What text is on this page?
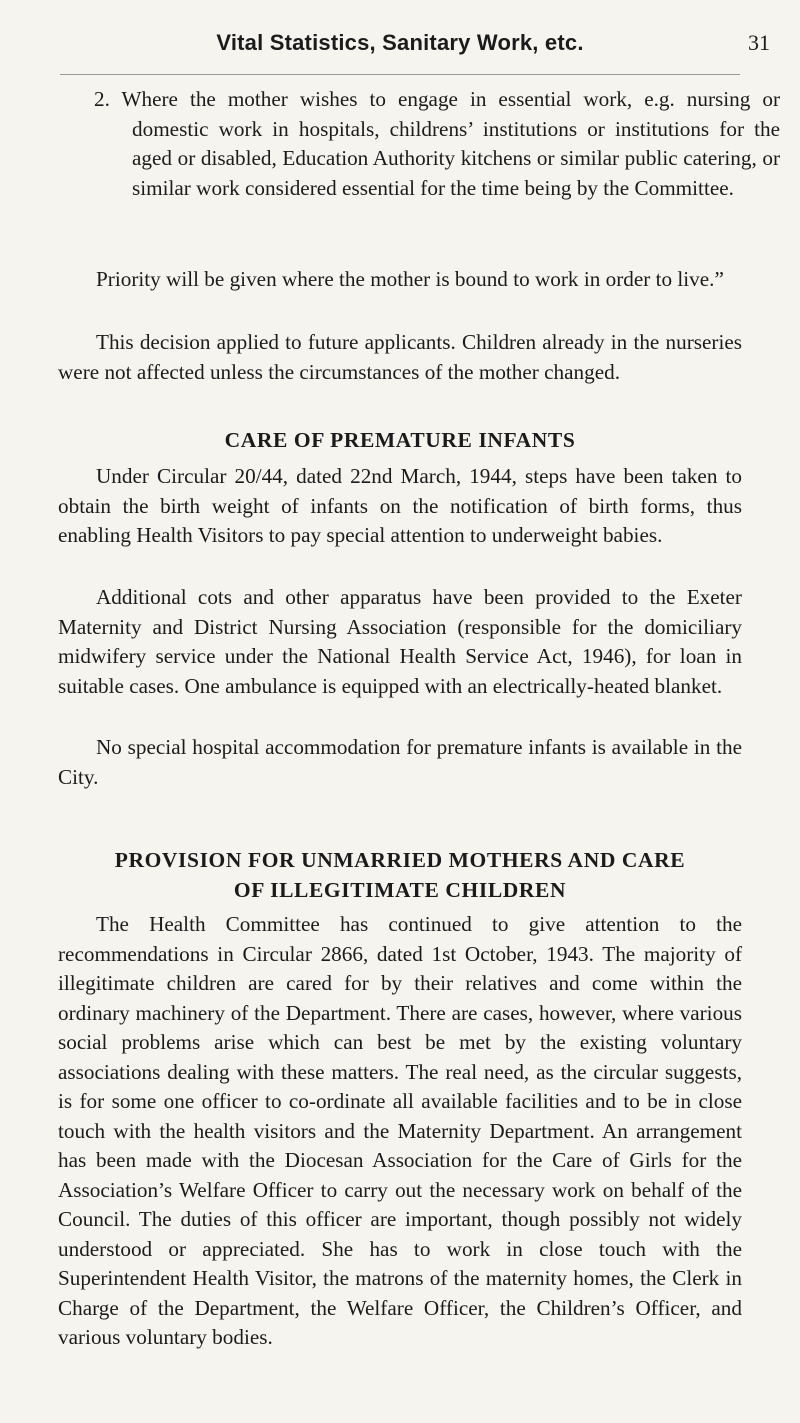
Vital Statistics, Sanitary Work, etc.	31

2. Where the mother wishes to engage in essential work, e.g. nursing or domestic work in hospitals, childrens’ institutions or institutions for the aged or disabled, Education Authority kitchens or similar public catering, or similar work considered essential for the time being by the Committee.

Priority will be given where the mother is bound to work in order to live.”

This decision applied to future applicants. Children already in the nurseries were not affected unless the circumstances of the mother changed.

CARE OF PREMATURE INFANTS

Under Circular 20/44, dated 22nd March, 1944, steps have been taken to obtain the birth weight of infants on the notification of birth forms, thus enabling Health Visitors to pay special attention to underweight babies.

Additional cots and other apparatus have been provided to the Exeter Maternity and District Nursing Association (responsible for the domiciliary midwifery service under the National Health Service Act, 1946), for loan in suitable cases. One ambulance is equipped with an electrically-heated blanket.

No special hospital accommodation for premature infants is available in the City.

PROVISION FOR UNMARRIED MOTHERS AND CARE
OF ILLEGITIMATE CHILDREN

The Health Committee has continued to give attention to the recommendations in Circular 2866, dated 1st October, 1943. The majority of illegitimate children are cared for by their relatives and come within the ordinary machinery of the Department. There are cases, however, where various social problems arise which can best be met by the existing voluntary associations dealing with these matters. The real need, as the circular suggests, is for some one officer to co-ordinate all available facilities and to be in close touch with the health visitors and the Maternity Department. An arrangement has been made with the Diocesan Association for the Care of Girls for the Association’s Welfare Officer to carry out the necessary work on behalf of the Council. The duties of this officer are important, though possibly not widely understood or appreciated. She has to work in close touch with the Superintendent Health Visitor, the matrons of the maternity homes, the Clerk in Charge of the Department, the Welfare Officer, the Children’s Officer, and various voluntary bodies.
